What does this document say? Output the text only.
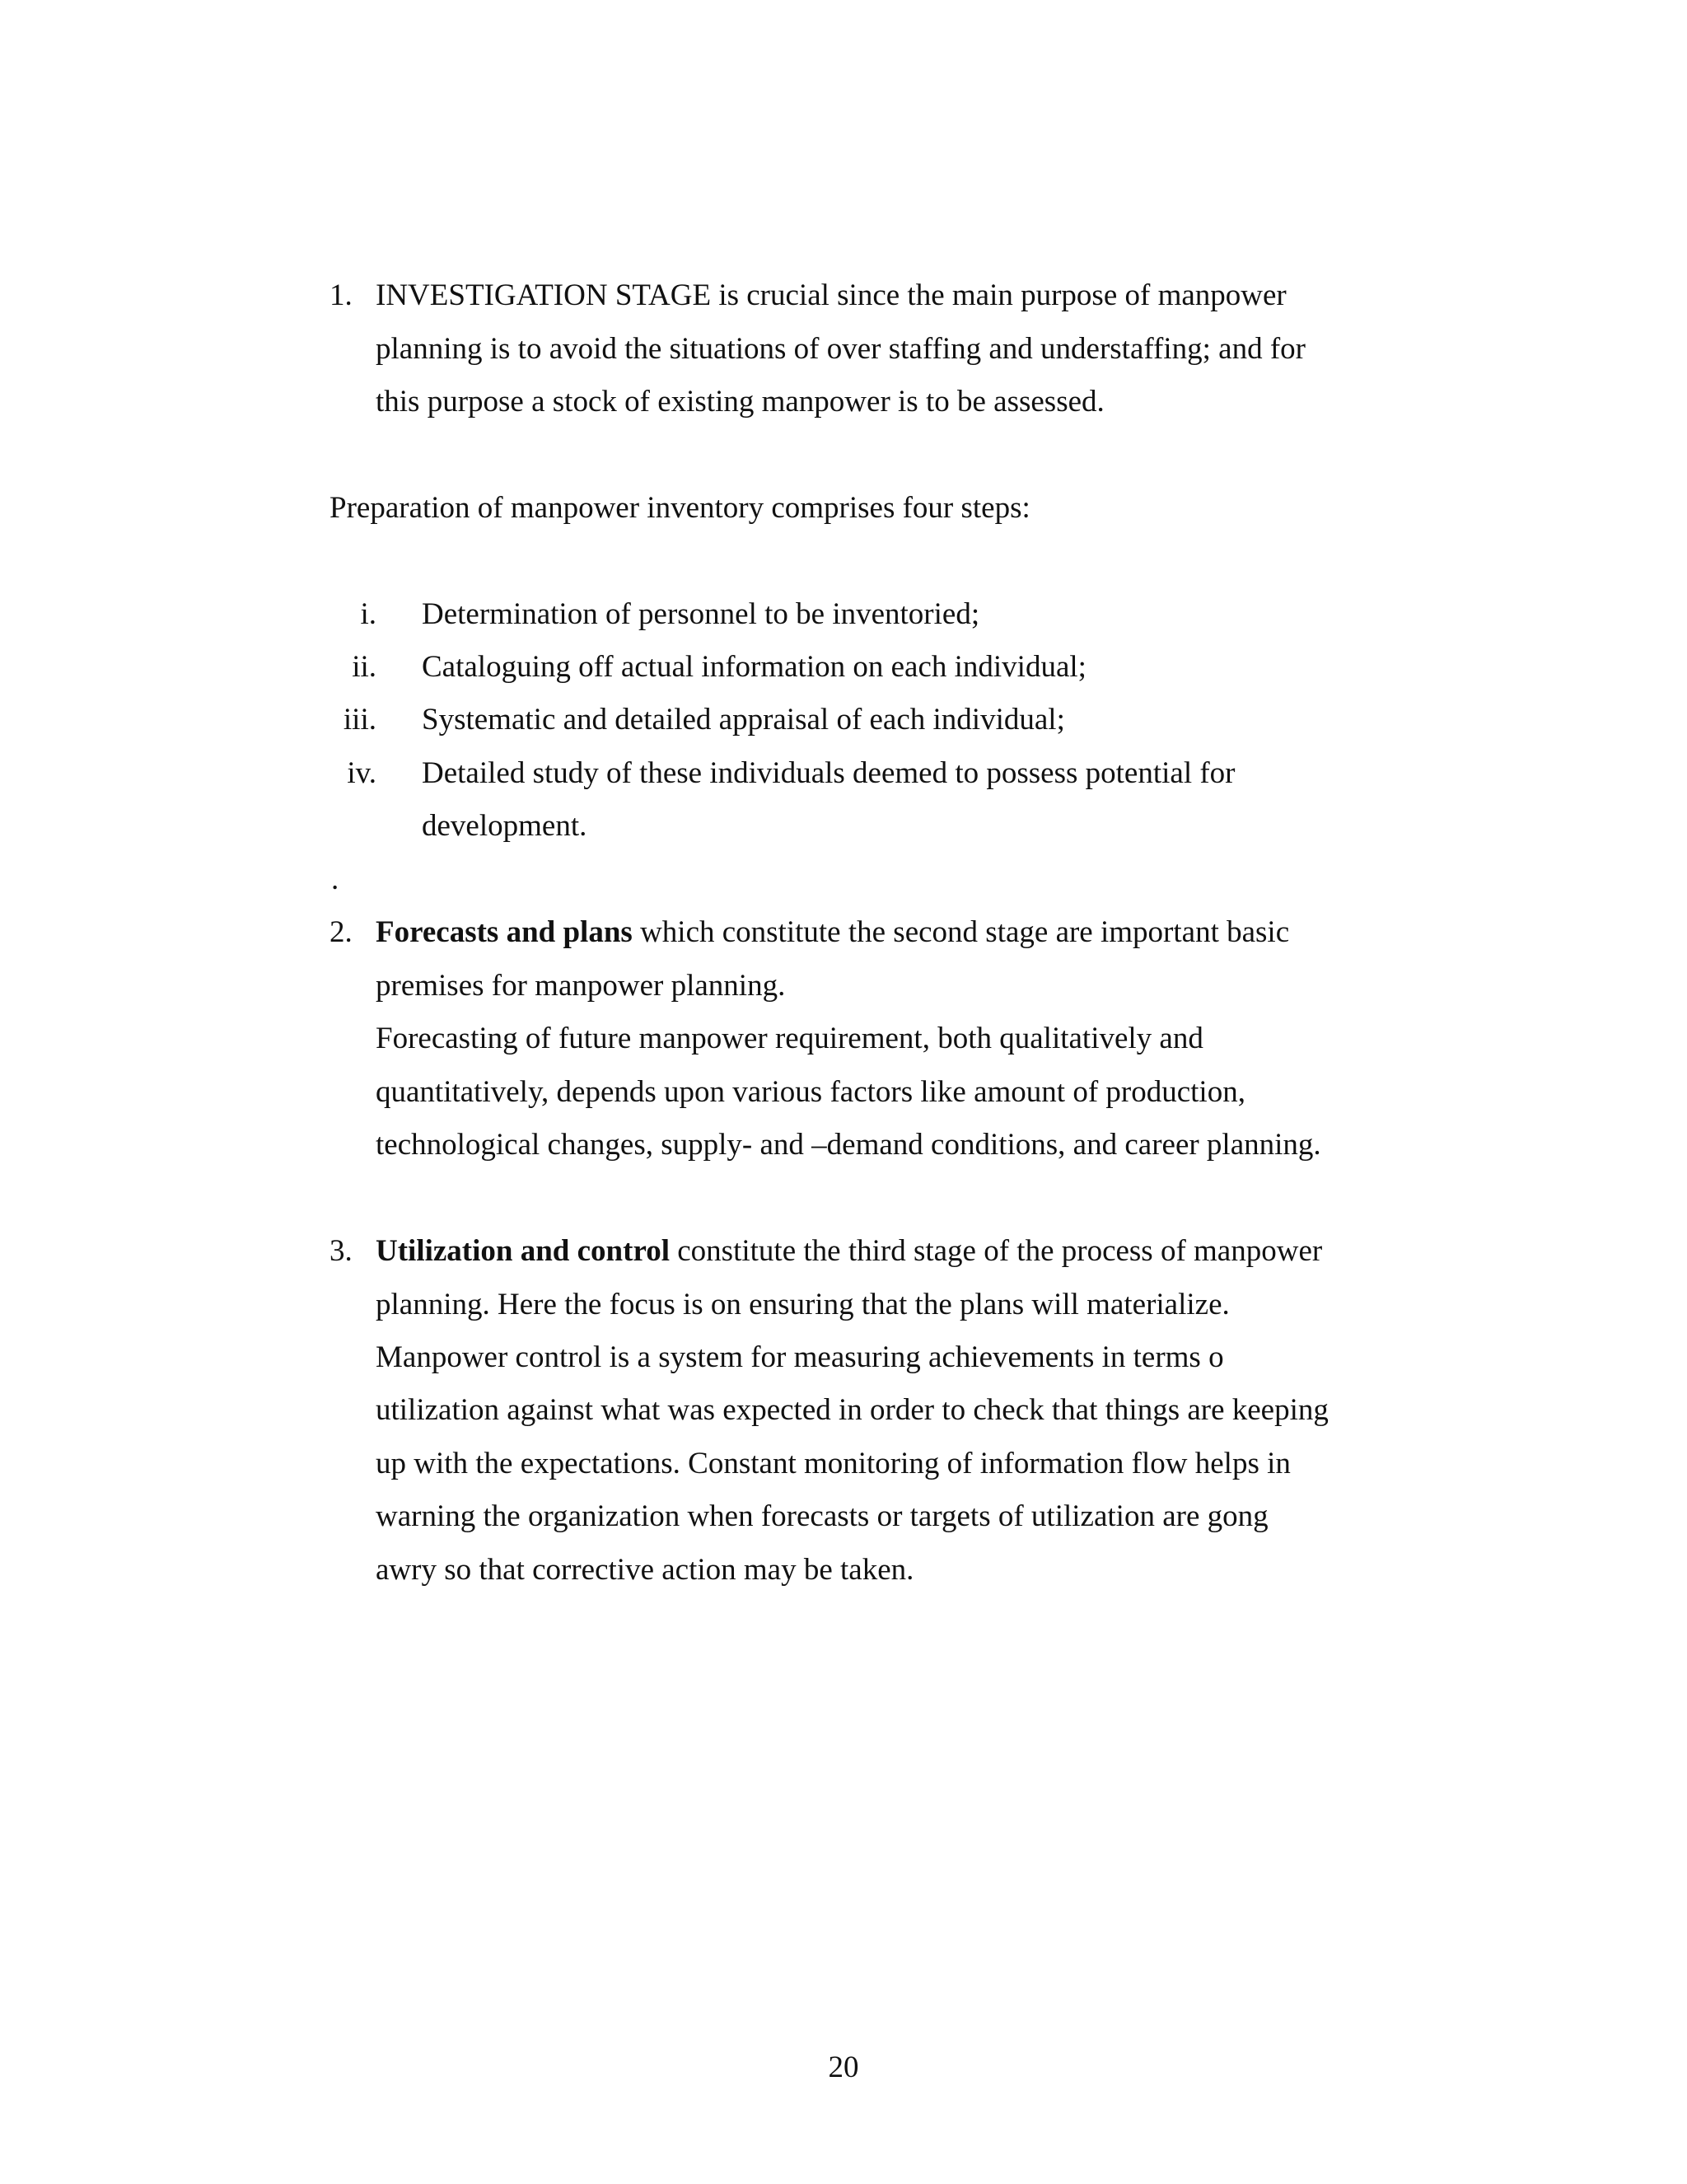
1. INVESTIGATION STAGE is crucial since the main purpose of manpower
planning is to avoid the situations of over staffing and understaffing; and for
this purpose a stock of existing manpower is to be assessed.
Preparation of manpower inventory comprises four steps:
i. Determination of personnel to be inventoried;
ii. Cataloguing off actual information on each individual;
iii. Systematic and detailed appraisal of each individual;
iv. Detailed study of these individuals deemed to possess potential for
development.
.
2. Forecasts and plans which constitute the second stage are important basic
premises for manpower planning.
Forecasting of future manpower requirement, both qualitatively and
quantitatively, depends upon various factors like amount of production,
technological changes, supply- and –demand conditions, and career planning.
3. Utilization and control constitute the third stage of the process of manpower
planning. Here the focus is on ensuring that the plans will materialize.
Manpower control is a system for measuring achievements in terms o
utilization against what was expected in order to check that things are keeping
up with the expectations. Constant monitoring of information flow helps in
warning the organization when forecasts or targets of utilization are gong
awry so that corrective action may be taken.
20
